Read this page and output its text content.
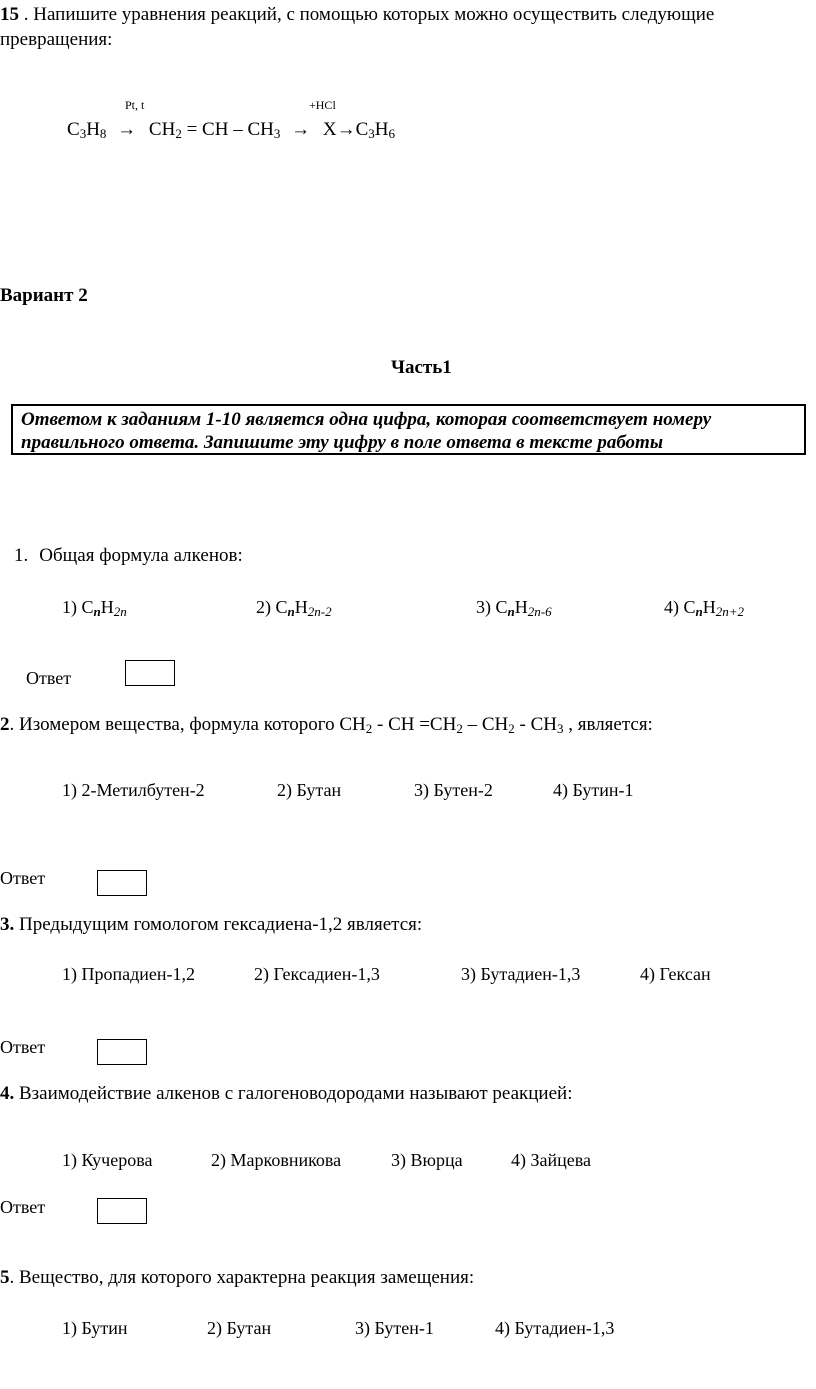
15 . Напишите уравнения реакций, с помощью которых можно осуществить следующие
превращения:
Pt, t	+HCl
C3H8 → CH2 = CH – CH3 → X→C3H6
Вариант 2
Часть1
Ответом к заданиям 1-10 является одна цифра, которая соответствует номеру правильного ответа. Запишите эту цифру в поле ответа в тексте работы
1. Общая формула алкенов:
1) CnH2n	2) CnH2n-2	3) CnH2n-6	4) CnH2n+2
Ответ
2. Изомером вещества, формула которого CH2 - CH =CH2 – CH2 - CH3 , является:
1) 2-Метилбутен-2	2) Бутан	3) Бутен-2	4) Бутин-1
Ответ
3. Предыдущим гомологом гексадиена-1,2 является:
1) Пропадиен-1,2	2) Гексадиен-1,3	3) Бутадиен-1,3	4) Гексан
Ответ
4. Взаимодействие алкенов с галогеноводородами называют реакцией:
1) Кучерова	2) Марковникова	3) Вюрца	4) Зайцева
Ответ
5. Вещество, для которого характерна реакция замещения:
1) Бутин	2) Бутан	3) Бутен-1	4) Бутадиен-1,3
